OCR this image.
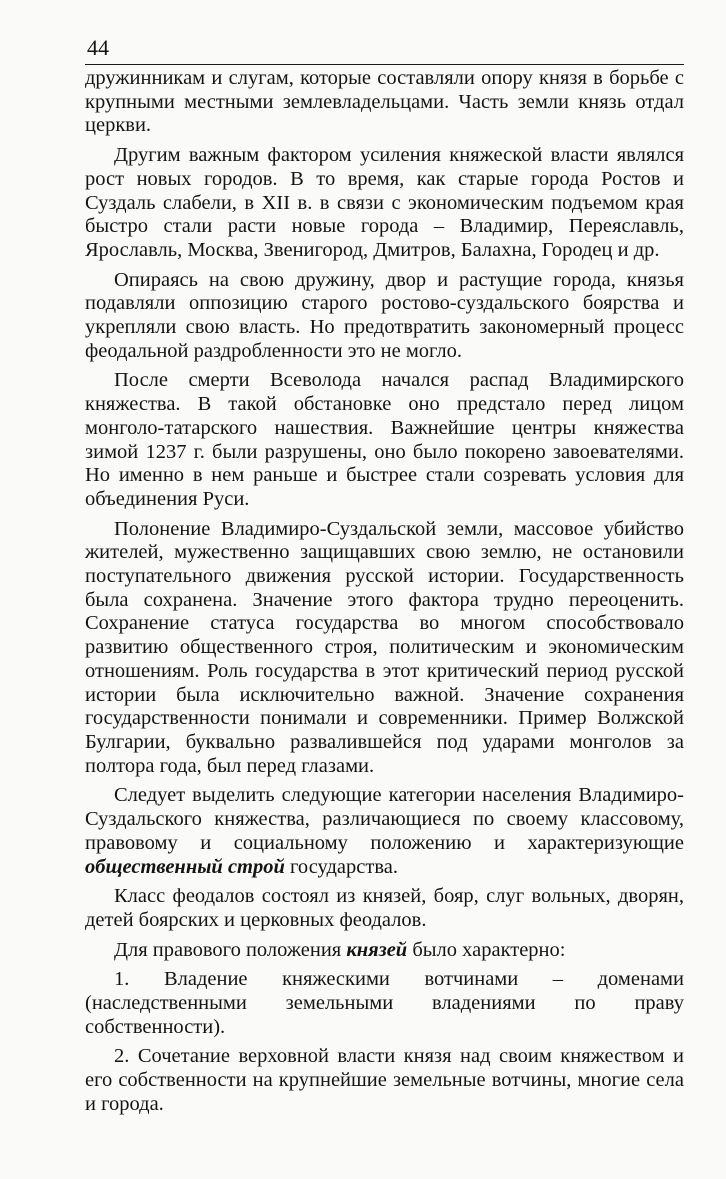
44

дружинникам и слугам, которые составляли опору князя в борьбе с крупными местными землевладельцами. Часть земли князь отдал церкви.

Другим важным фактором усиления княжеской власти являлся рост новых городов. В то время, как старые города Ростов и Суздаль слабели, в XII в. в связи с экономическим подъемом края быстро стали расти новые города – Владимир, Переяславль, Ярославль, Москва, Звенигород, Дмитров, Балахна, Городец и др.

Опираясь на свою дружину, двор и растущие города, князья подавляли оппозицию старого ростово-суздальского боярства и укрепляли свою власть. Но предотвратить закономерный процесс феодальной раздробленности это не могло.

После смерти Всеволода начался распад Владимирского княжества. В такой обстановке оно предстало перед лицом монголо-татарского нашествия. Важнейшие центры княжества зимой 1237 г. были разрушены, оно было покорено завоевателями. Но именно в нем раньше и быстрее стали созревать условия для объединения Руси.

Полонение Владимиро-Суздальской земли, массовое убийство жителей, мужественно защищавших свою землю, не остановили поступательного движения русской истории. Государственность была сохранена. Значение этого фактора трудно переоценить. Сохранение статуса государства во многом способствовало развитию общественного строя, политическим и экономическим отношениям. Роль государства в этот критический период русской истории была исключительно важной. Значение сохранения государственности понимали и современники. Пример Волжской Булгарии, буквально развалившейся под ударами монголов за полтора года, был перед глазами.

Следует выделить следующие категории населения Владимиро-Суздальского княжества, различающиеся по своему классовому, правовому и социальному положению и характеризующие общественный строй государства.

Класс феодалов состоял из князей, бояр, слуг вольных, дворян, детей боярских и церковных феодалов.

Для правового положения князей было характерно:

1. Владение княжескими вотчинами – доменами (наследственными земельными владениями по праву собственности).

2. Сочетание верховной власти князя над своим княжеством и его собственности на крупнейшие земельные вотчины, многие села и города.
